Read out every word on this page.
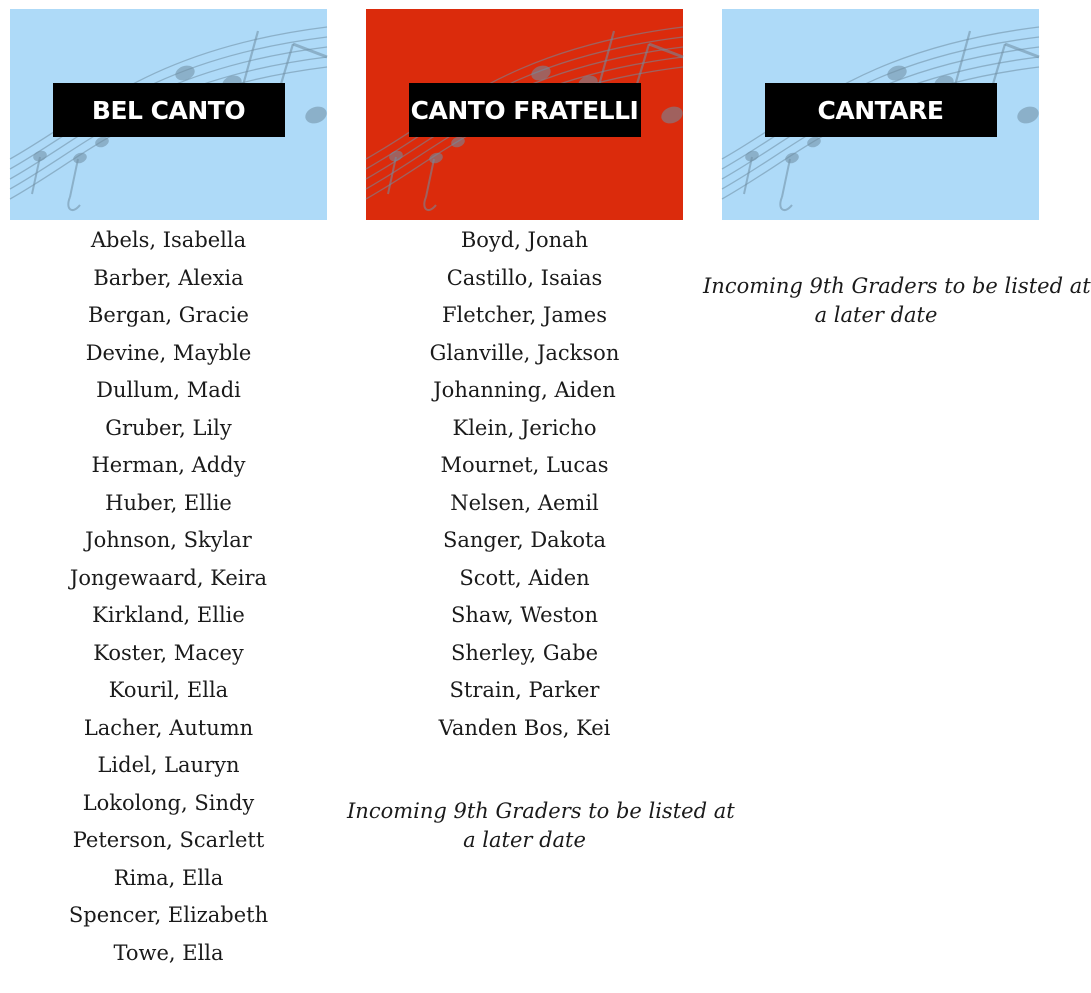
BEL CANTO
Abels, Isabella
Barber, Alexia
Bergan, Gracie
Devine, Mayble
Dullum, Madi
Gruber, Lily
Herman, Addy
Huber, Ellie
Johnson, Skylar
Jongewaard, Keira
Kirkland, Ellie
Koster, Macey
Kouril, Ella
Lacher, Autumn
Lidel, Lauryn
Lokolong, Sindy
Peterson, Scarlett
Rima, Ella
Spencer, Elizabeth
Towe, Ella
CANTO FRATELLI
Boyd, Jonah
Castillo, Isaias
Fletcher, James
Glanville, Jackson
Johanning, Aiden
Klein, Jericho
Mournet, Lucas
Nelsen, Aemil
Sanger, Dakota
Scott, Aiden
Shaw, Weston
Sherley, Gabe
Strain, Parker
Vanden Bos, Kei
Incoming 9th Graders to be listed at
a later date
CANTARE
Incoming 9th Graders to be listed at
a later date
